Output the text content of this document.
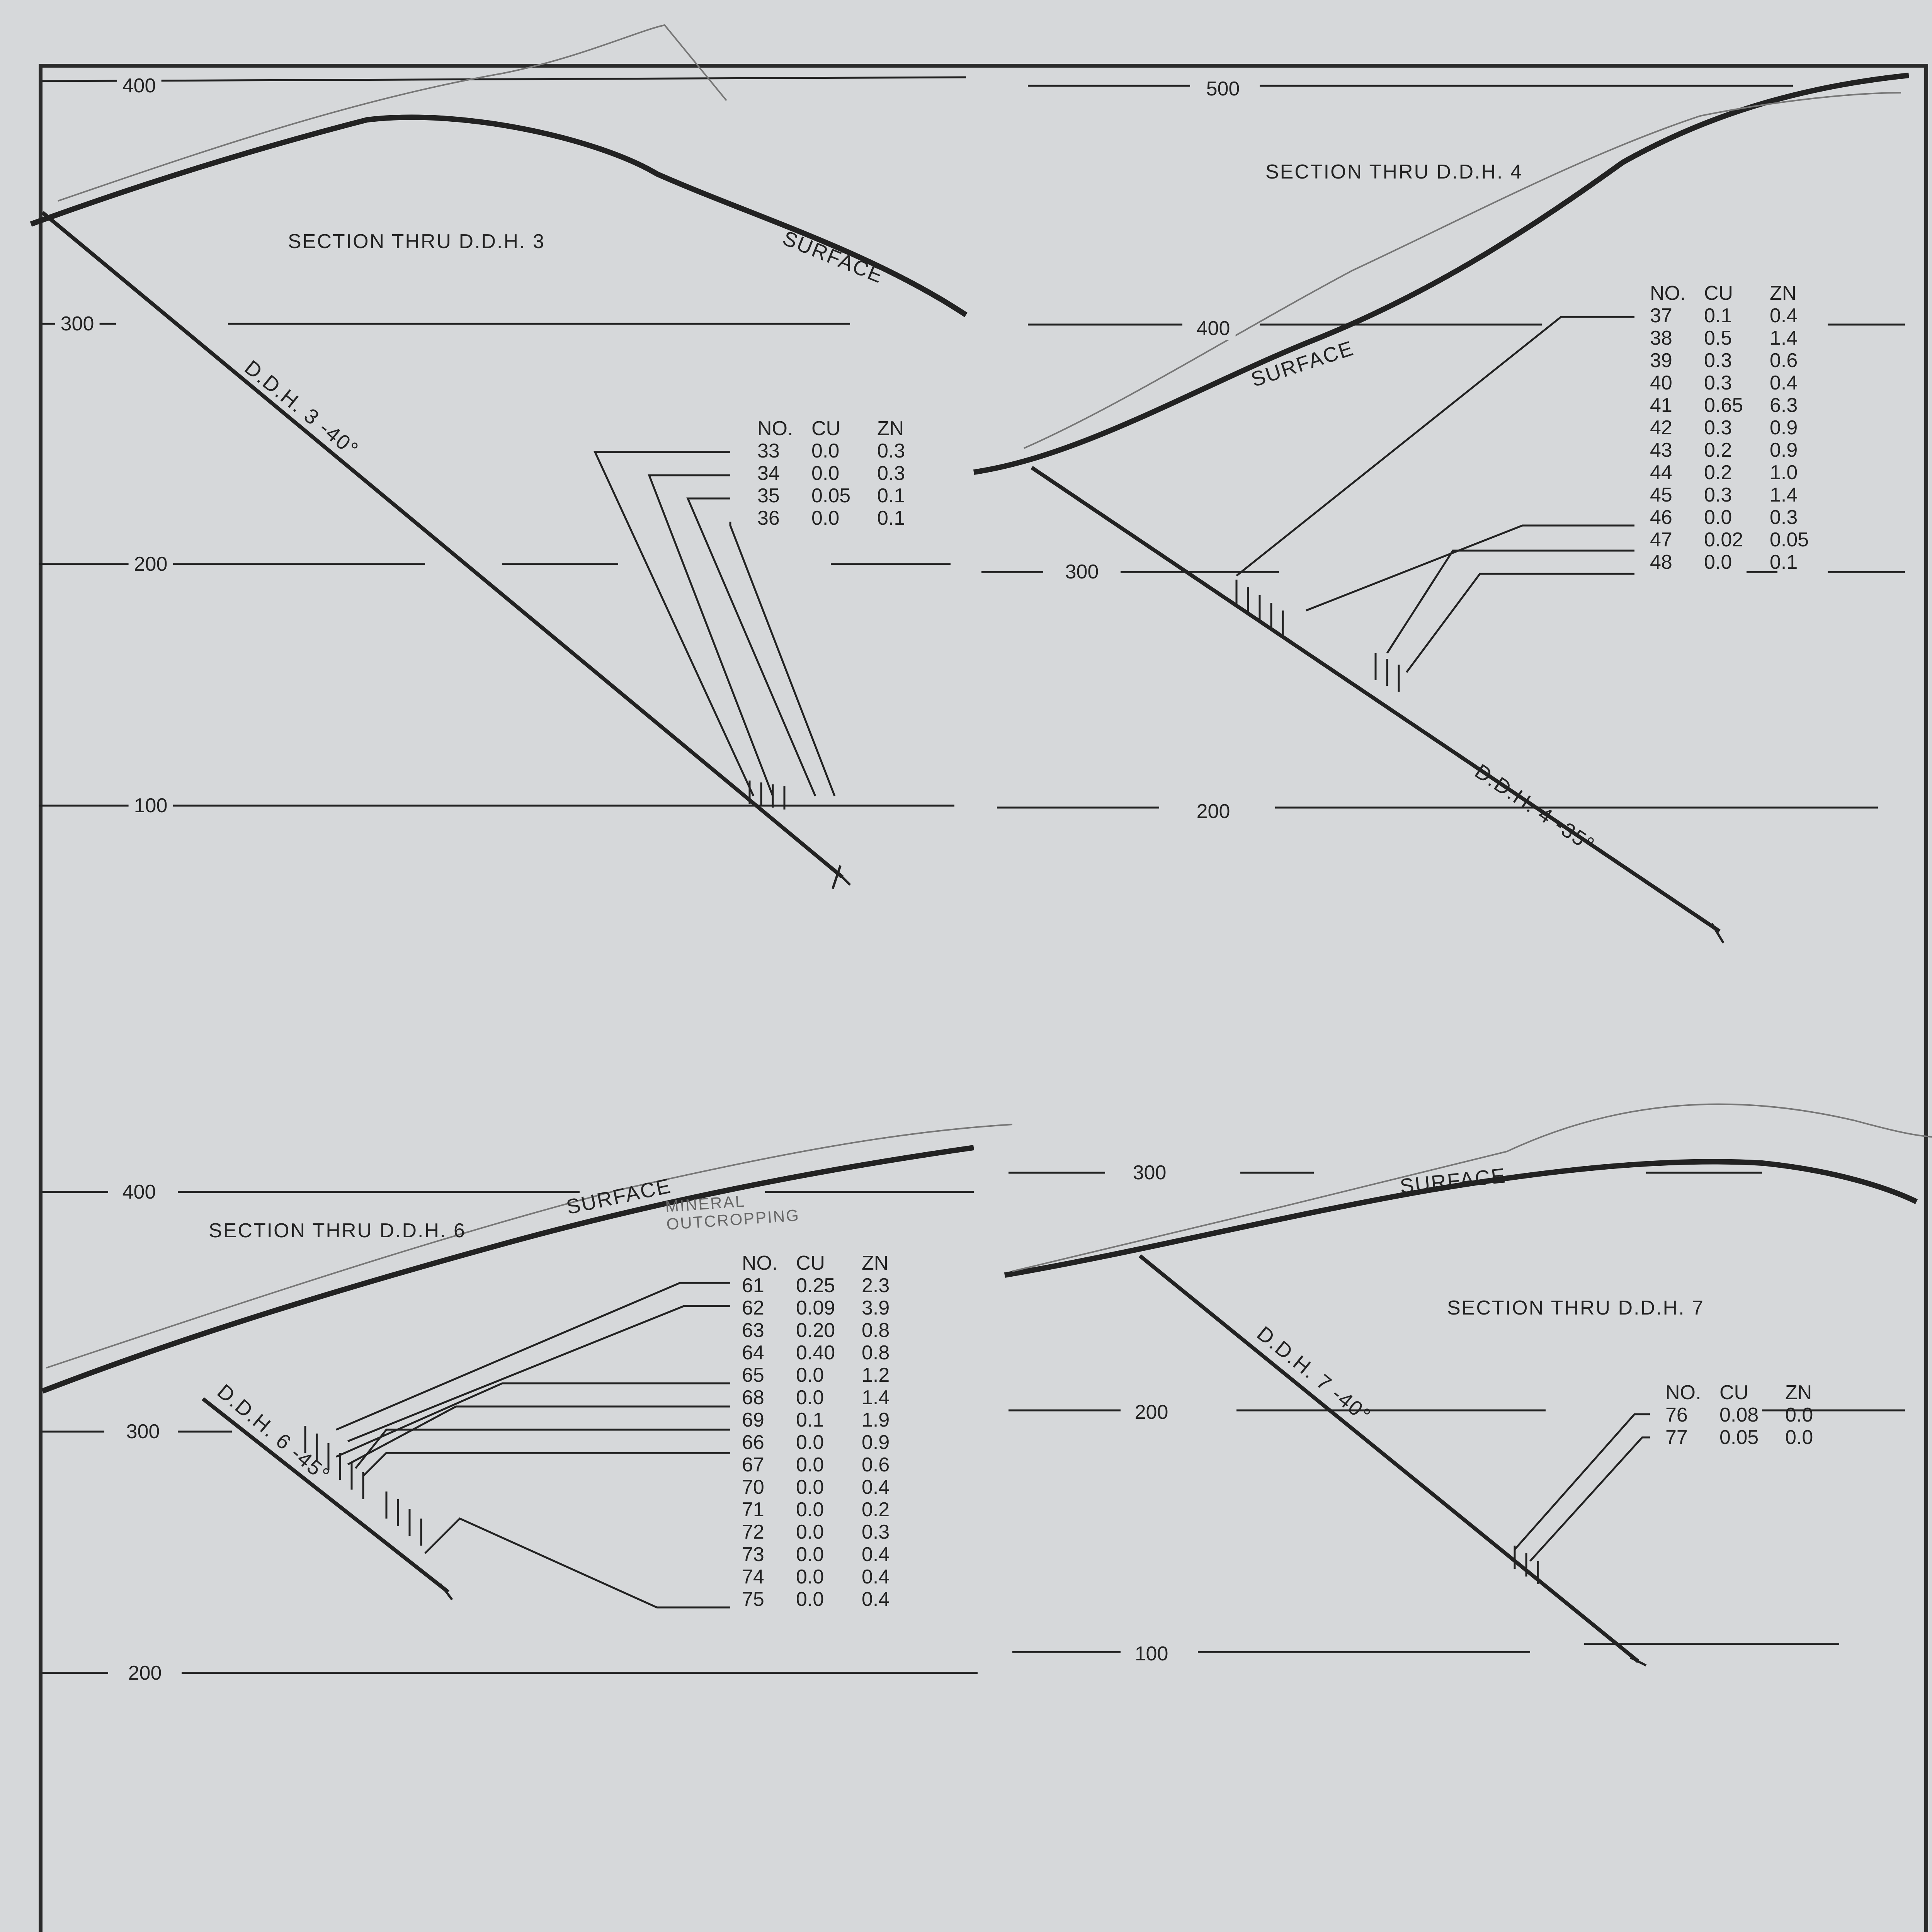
SECTION THRU D.D.H. 3
SECTION THRU D.D.H. 4
SECTION THRU D.D.H. 6
SECTION THRU D.D.H. 7
SURFACE
SURFACE
SURFACE	SURFACE
MINERAL OUTCROPPING
D.D.H. 3 -40°
D.D.H. 4 -35°
D.D.H. 6 -45°
D.D.H. 7 -40°
400
300
200
100
500
400
300
200
400
300
200
300
200
100
NO. CU	ZN
33	0.0	0.3
34	0.0	0.3
35	0.05	0.1
36	0.0	0.1
NO. CU	ZN
37	0.1	0.4
38	0.5	1.4
39	0.3	0.6
40	0.3	0.4
41	0.65	6.3
42	0.3	0.9
43	0.2	0.9
44	0.2	1.0
45	0.3	1.4
46	0.0	0.3
47	0.02	0.05
48	0.0	0.1
NO. CU	ZN
61	0.25	2.3
62	0.09	3.9
63	0.20	0.8
64	0.40	0.8
65	0.0	1.2
68	0.0	1.4
69	0.1	1.9
66	0.0	0.9
67	0.0	0.6
70	0.0	0.4
71	0.0	0.2
72	0.0	0.3
73	0.0	0.4
74	0.0	0.4
75	0.0	0.4
NO. CU	ZN
76	0.08	0.0
77	0.05	0.0
